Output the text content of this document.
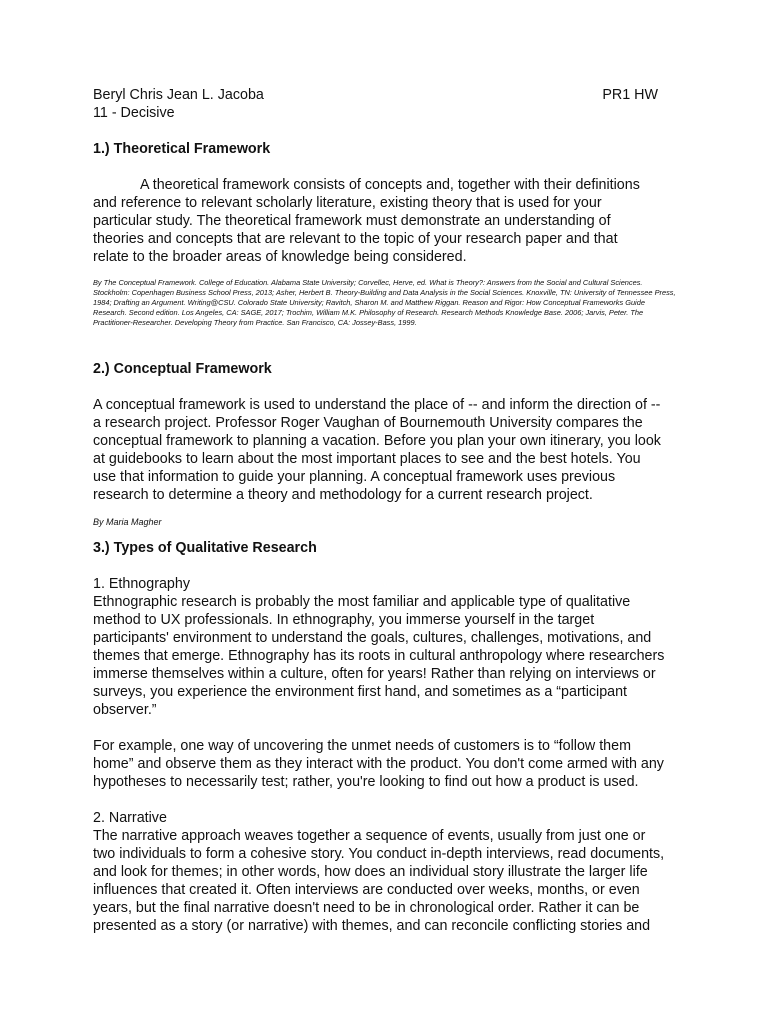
Beryl Chris Jean L. Jacoba	PR1 HW
11 - Decisive
1.) Theoretical Framework

A theoretical framework consists of concepts and, together with their definitions and reference to relevant scholarly literature, existing theory that is used for your particular study. The theoretical framework must demonstrate an understanding of theories and concepts that are relevant to the topic of your research paper and that relate to the broader areas of knowledge being considered.

By The Conceptual Framework. College of Education. Alabama State University; Corvellec, Herve, ed. What is Theory?: Answers from the Social and Cultural Sciences. Stockholm: Copenhagen Business School Press, 2013; Asher, Herbert B. Theory-Building and Data Analysis in the Social Sciences. Knoxville, TN: University of Tennessee Press, 1984; Drafting an Argument. Writing@CSU. Colorado State University; Ravitch, Sharon M. and Matthew Riggan. Reason and Rigor: How Conceptual Frameworks Guide Research. Second edition. Los Angeles, CA: SAGE, 2017; Trochim, William M.K. Philosophy of Research. Research Methods Knowledge Base. 2006; Jarvis, Peter. The Practitioner-Researcher. Developing Theory from Practice. San Francisco, CA: Jossey-Bass, 1999.

2.) Conceptual Framework

A conceptual framework is used to understand the place of -- and inform the direction of -- a research project. Professor Roger Vaughan of Bournemouth University compares the conceptual framework to planning a vacation. Before you plan your own itinerary, you look at guidebooks to learn about the most important places to see and the best hotels. You use that information to guide your planning. A conceptual framework uses previous research to determine a theory and methodology for a current research project.

By Maria Magher

3.) Types of Qualitative Research
1. Ethnography

Ethnographic research is probably the most familiar and applicable type of qualitative method to UX professionals. In ethnography, you immerse yourself in the target participants' environment to understand the goals, cultures, challenges, motivations, and themes that emerge. Ethnography has its roots in cultural anthropology where researchers immerse themselves within a culture, often for years! Rather than relying on interviews or surveys, you experience the environment first hand, and sometimes as a “participant observer.”

For example, one way of uncovering the unmet needs of customers is to “follow them home” and observe them as they interact with the product. You don't come armed with any hypotheses to necessarily test; rather, you're looking to find out how a product is used.

2. Narrative

The narrative approach weaves together a sequence of events, usually from just one or two individuals to form a cohesive story. You conduct in-depth interviews, read documents, and look for themes; in other words, how does an individual story illustrate the larger life influences that created it. Often interviews are conducted over weeks, months, or even years, but the final narrative doesn't need to be in chronological order. Rather it can be presented as a story (or narrative) with themes, and can reconcile conflicting stories and
